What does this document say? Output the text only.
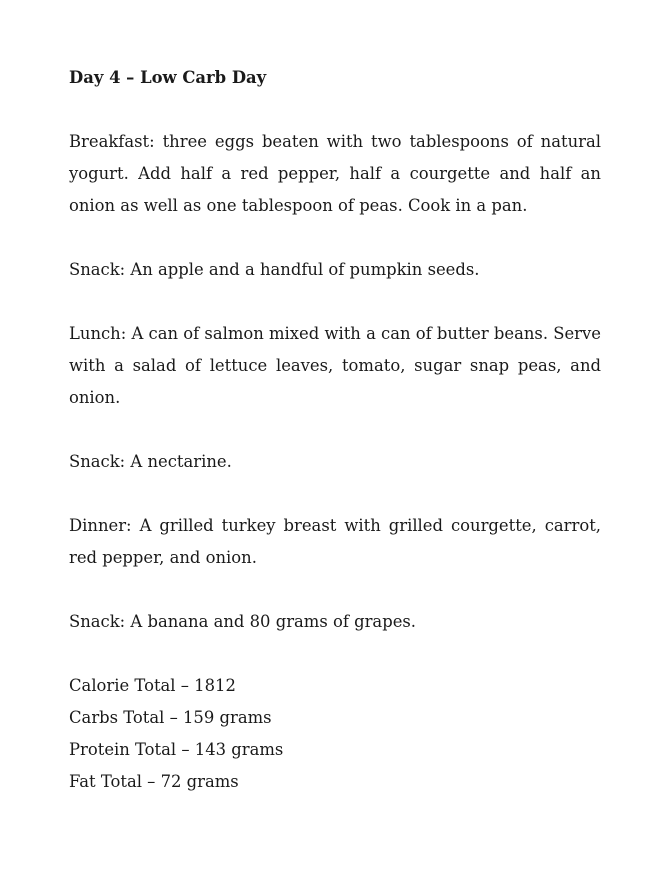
Day 4 – Low Carb Day

Breakfast: three eggs beaten with two tablespoons of natural yogurt. Add half a red pepper, half a courgette and half an onion as well as one tablespoon of peas. Cook in a pan.

Snack: An apple and a handful of pumpkin seeds.

Lunch: A can of salmon mixed with a can of butter beans. Serve with a salad of lettuce leaves, tomato, sugar snap peas, and onion.

Snack: A nectarine.

Dinner: A grilled turkey breast with grilled courgette, carrot, red pepper, and onion.

Snack: A banana and 80 grams of grapes.

Calorie Total – 1812
Carbs Total – 159 grams
Protein Total – 143 grams
Fat Total – 72 grams
